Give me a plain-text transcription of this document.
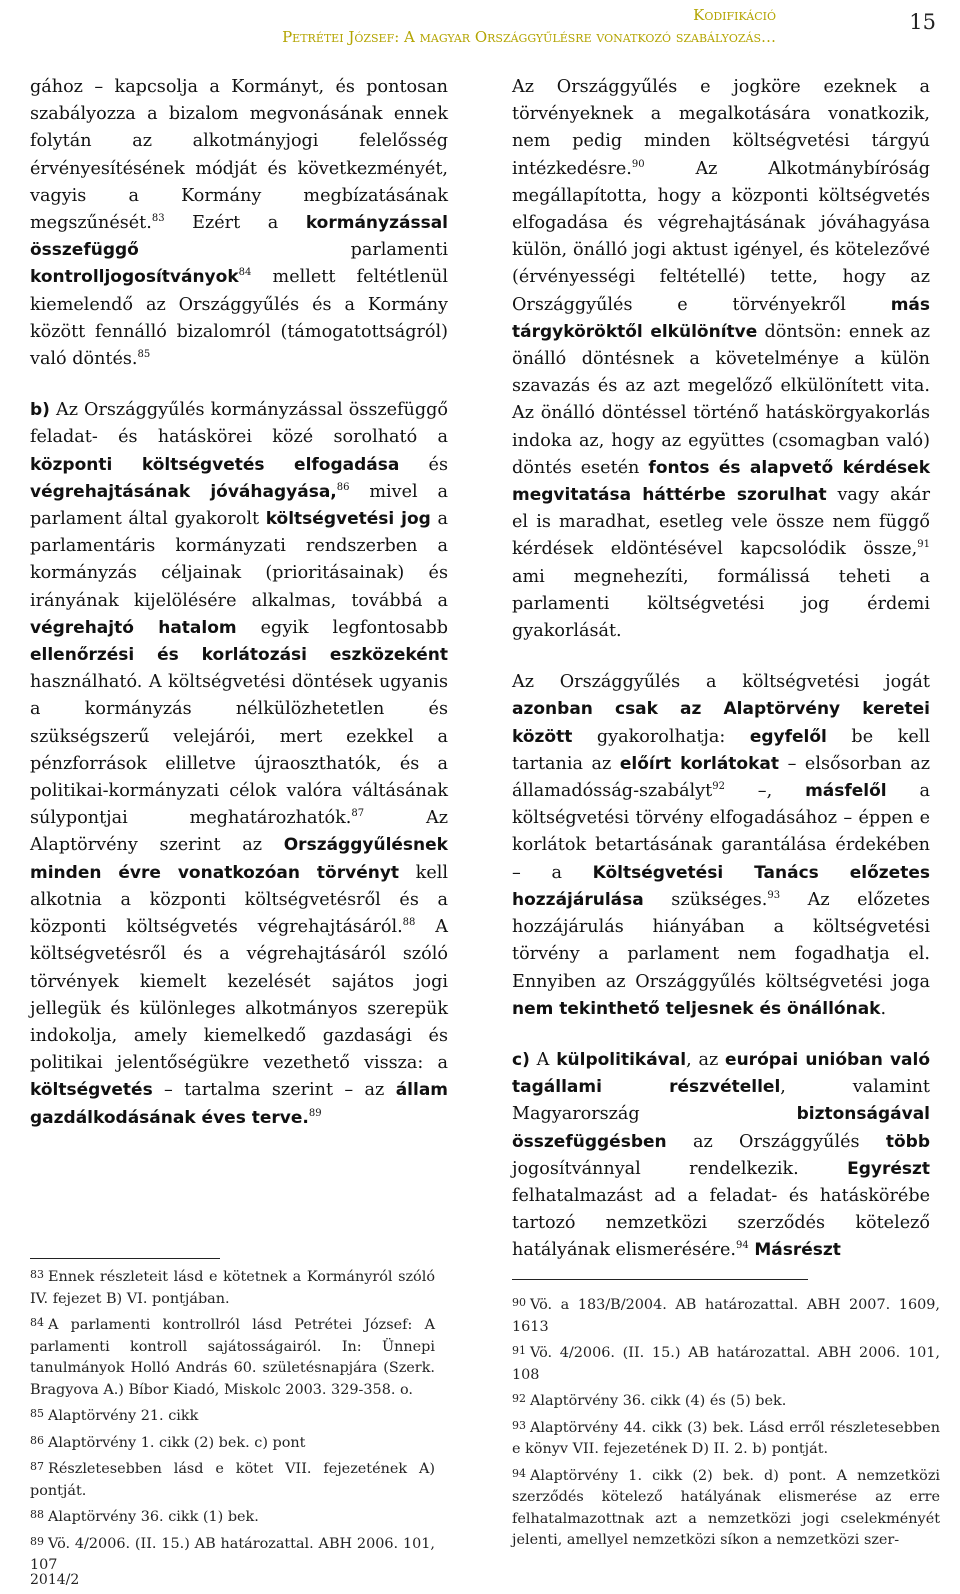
Kodifikáció
Petrétei József: A magyar Országgyűlésre vonatkozó szabályozás…
15

gához – kapcsolja a Kormányt, és pontosan szabályozza a bizalom megvonásának ennek folytán az alkotmányjogi felelősség érvényesítésének módját és következményét, vagyis a Kormány megbízatásának megszűnését.$^{83}$ Ezért a kormányzással összefüggő parlamenti kontrolljogosítványok$^{84}$ mellett feltétlenül kiemelendő az Országgyűlés és a Kormány között fennálló bizalomról (támogatottságról) való döntés.$^{85}$

b) Az Országgyűlés kormányzással összefüggő feladat- és hatáskörei közé sorolható a központi költségvetés elfogadása és végrehajtásának jóváhagyása,$^{86}$ mivel a parlament által gyakorolt költségvetési jog a parlamentáris kormányzati rendszerben a kormányzás céljainak (prioritásainak) és irányának kijelölésére alkalmas, továbbá a végrehajtó hatalom egyik legfontosabb ellenőrzési és korlátozási eszközeként használható. A költségvetési döntések ugyanis a kormányzás nélkülözhetetlen és szükségszerű velejárói, mert ezekkel a pénzforrások elilletve újraoszthatók, és a politikai-kormányzati célok valóra váltásának súlypontjai meghatározhatók.$^{87}$ Az Alaptörvény szerint az Országgyűlésnek minden évre vonatkozóan törvényt kell alkotnia a központi költségvetésről és a központi költségvetés végrehajtásáról.$^{88}$ A költségvetésről és a végrehajtásáról szóló törvények kiemelt kezelését sajátos jogi jellegük és különleges alkotmányos szerepük indokolja, amely kiemelkedő gazdasági és politikai jelentőségükre vezethető vissza: a költségvetés – tartalma szerint – az állam gazdálkodásának éves terve.$^{89}$

Az Országgyűlés e jogköre ezeknek a törvényeknek a megalkotására vonatkozik, nem pedig minden költségvetési tárgyú intézkedésre.$^{90}$ Az Alkotmánybíróság megállapította, hogy a központi költségvetés elfogadása és végrehajtásának jóváhagyása külön, önálló jogi aktust igényel, és kötelezővé (érvényességi feltétellé) tette, hogy az Országgyűlés e törvényekről más tárgyköröktől elkülönítve döntsön: ennek az önálló döntésnek a követelménye a külön szavazás és az azt megelőző elkülönített vita. Az önálló döntéssel történő hatáskörgyakorlás indoka az, hogy az együttes (csomagban való) döntés esetén fontos és alapvető kérdések megvitatása háttérbe szorulhat vagy akár el is maradhat, esetleg vele össze nem függő kérdések eldöntésével kapcsolódik össze,$^{91}$ ami megnehezíti, formálissá teheti a parlamenti költségvetési jog érdemi gyakorlását.

Az Országgyűlés a költségvetési jogát azonban csak az Alaptörvény keretei között gyakorolhatja: egyfelől be kell tartania az előírt korlátokat – elsősorban az államadósság-szabályt$^{92}$ –, másfelől a költségvetési törvény elfogadásához – éppen e korlátok betartásának garantálása érdekében – a Költségvetési Tanács előzetes hozzájárulása szükséges.$^{93}$ Az előzetes hozzájárulás hiányában a költségvetési törvény a parlament nem fogadhatja el. Ennyiben az Országgyűlés költségvetési joga nem tekinthető teljesnek és önállónak.

c) A külpolitikával, az európai unióban való tagállami részvétellel, valamint Magyarország biztonságával összefüggésben az Országgyűlés több jogosítvánnyal rendelkezik. Egyrészt felhatalmazást ad a feladat- és hatáskörébe tartozó nemzetközi szerződés kötelező hatályának elismerésére.$^{94}$ Másrészt

$^{83}$ Ennek részleteit lásd e kötetnek a Kormányról szóló IV. fejezet B) VI. pontjában.

$^{84}$ A parlamenti kontrollról lásd Petrétei József: A parlamenti kontroll sajátosságairól. In: Ünnepi tanulmányok Holló András 60. születésnapjára (Szerk. Bragyova A.) Bíbor Kiadó, Miskolc 2003. 329-358. o.

$^{85}$ Alaptörvény 21. cikk

$^{86}$ Alaptörvény 1. cikk (2) bek. c) pont

$^{87}$ Részletesebben lásd e kötet VII. fejezetének A) pontját.

$^{88}$ Alaptörvény 36. cikk (1) bek.

$^{89}$ Vö. 4/2006. (II. 15.) AB határozattal. ABH 2006. 101, 107

$^{90}$ Vö. a 183/B/2004. AB határozattal. ABH 2007. 1609, 1613

$^{91}$ Vö. 4/2006. (II. 15.) AB határozattal. ABH 2006. 101, 108

$^{92}$ Alaptörvény 36. cikk (4) és (5) bek.

$^{93}$ Alaptörvény 44. cikk (3) bek. Lásd erről részletesebben e könyv VII. fejezetének D) II. 2. b) pontját.

$^{94}$ Alaptörvény 1. cikk (2) bek. d) pont. A nemzetközi szerződés kötelező hatályának elismerése az erre felhatalmazottnak azt a nemzetközi jogi cselekményét jelenti, amellyel nemzetközi síkon a nemzetközi szer-

2014/2
